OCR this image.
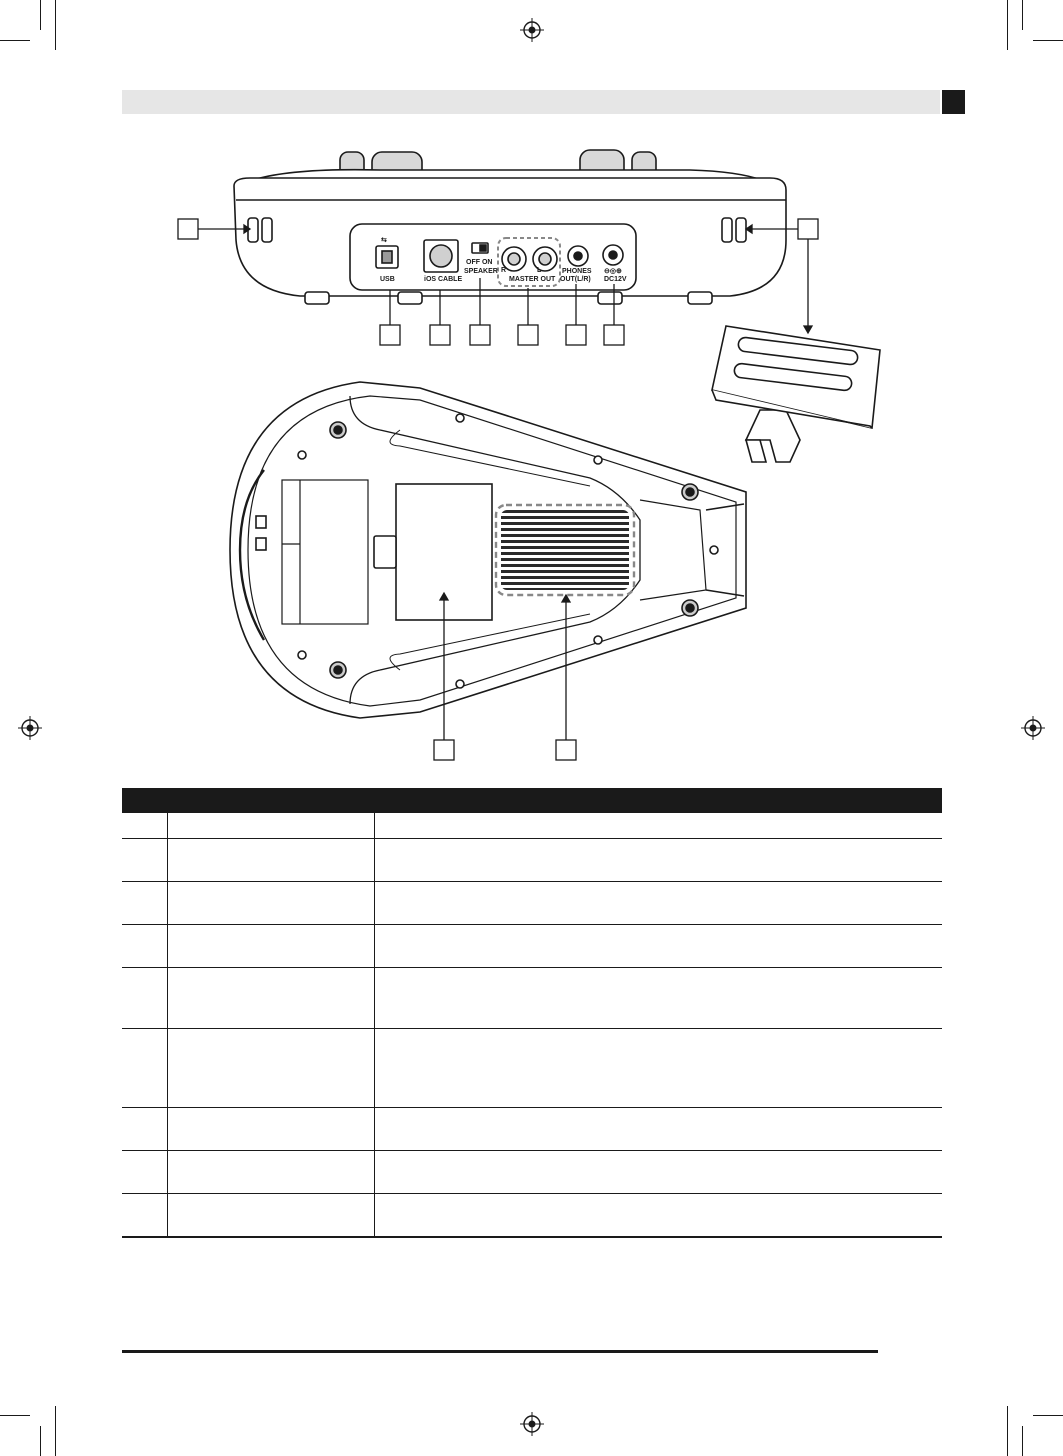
⇆
USB	iOS CABLE
OFF ON
SPEAKER R	L
MASTER OUT
PHONES
OUT(L/R)
⊖◎⊕
DC12V
